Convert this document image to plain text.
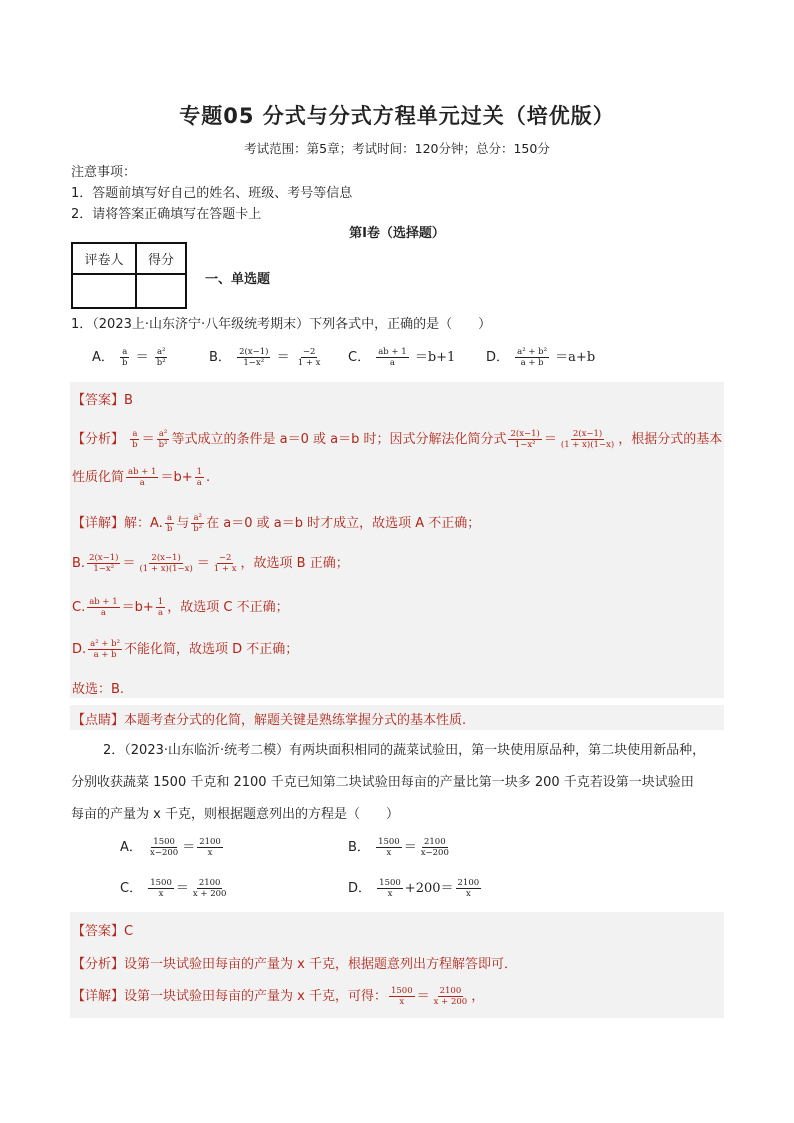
专题05 分式与分式方程单元过关（培优版）
考试范围：第5章；考试时间：120分钟；总分：150分
注意事项：
1．答题前填写好自己的姓名、班级、考号等信息
2．请将答案正确填写在答题卡上
第I卷（选择题）
评卷人	得分

一、单选题
1．（2023上·山东济宁·八年级统考期末）下列各式中，正确的是（　　）
A． $\frac{a}{b} = \frac{\text{a²}}{\text{b²}}$	B． $\frac{2(x-1)}{\text{1−x²}} = \frac{-2}{1 + x}$ C． $\frac{ab + 1}{a} =b+1$ D． $\frac{\text{a² + b²}}{a + b} =a+b$
【答案】B
【分析】 $\frac{a}{b} = \frac{\text{a²}}{\text{b²}}$ 等式成立的条件是 a＝0 或 a＝b 时；因式分解法化简分式 $\frac{2(x-1)}{\text{1−x²}} = \frac{2(x-1)}{(1 + x)(1-x)}$ ，根据分式的基本
性质化简 $\frac{ab + 1}{a} =b+ \frac{1}{a}$ .
【详解】解：A. $\frac{a}{b}$ 与 $\frac{\text{a²}}{\text{b²}}$ 在 a＝0 或 a＝b 时才成立，故选项 A 不正确；
B. $\frac{2(x-1)}{\text{1−x²}} = \frac{2(x-1)}{(1 + x)(1-x)} = \frac{-2}{1 + x}$ ，故选项 B 正确；
C. $\frac{ab + 1}{a} =b+ \frac{1}{a}$ ，故选项 C 不正确；
D. $\frac{\text{a² + b²}}{a + b}$ 不能化简，故选项 D 不正确；
故选：B.
【点睛】本题考查分式的化简，解题关键是熟练掌握分式的基本性质.
2．（2023·山东临沂·统考二模）有两块面积相同的蔬菜试验田，第一块使用原品种，第二块使用新品种，
分别收获蔬菜 1500 千克和 2100 千克已知第二块试验田每亩的产量比第一块多 200 千克若设第一块试验田
每亩的产量为 x 千克，则根据题意列出的方程是（　　）
A． $\frac{1500}{x-200} = \frac{2100}{x}$	B． $\frac{1500}{x} = \frac{2100}{x-200}$
C． $\frac{1500}{x} = \frac{2100}{x + 200}$	D． $\frac{1500}{x} +200= \frac{2100}{x}$
【答案】C
【分析】设第一块试验田每亩的产量为 x 千克，根据题意列出方程解答即可．
【详解】设第一块试验田每亩的产量为 x 千克，可得： $\frac{1500}{x} = \frac{2100}{x + 200}$ ，
